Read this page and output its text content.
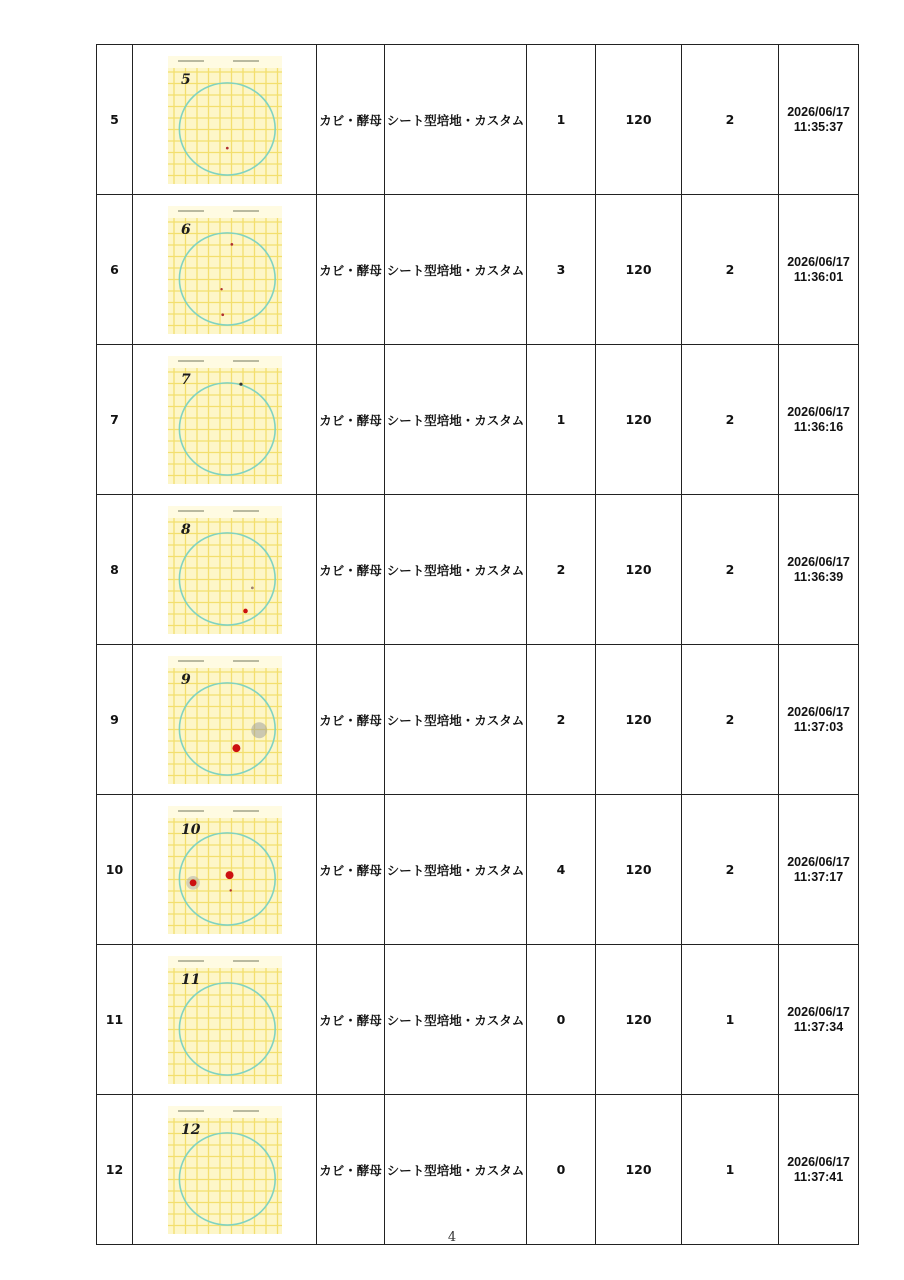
5	5	カビ・酵母	シート型培地・カスタム	1	120	2	2026/06/17
11:35:37

6	6	カビ・酵母	シート型培地・カスタム	3	120	2	2026/06/17
11:36:01

7	7	カビ・酵母	シート型培地・カスタム	1	120	2	2026/06/17
11:36:16

8	8	カビ・酵母	シート型培地・カスタム	2	120	2	2026/06/17
11:36:39

9	9	カビ・酵母	シート型培地・カスタム	2	120	2	2026/06/17
11:37:03

10	10	カビ・酵母	シート型培地・カスタム	4	120	2	2026/06/17
11:37:17

11	11	カビ・酵母	シート型培地・カスタム	0	120	1	2026/06/17
11:37:34

12	12	カビ・酵母	シート型培地・カスタム	0	120	1	2026/06/17
11:37:41
4
